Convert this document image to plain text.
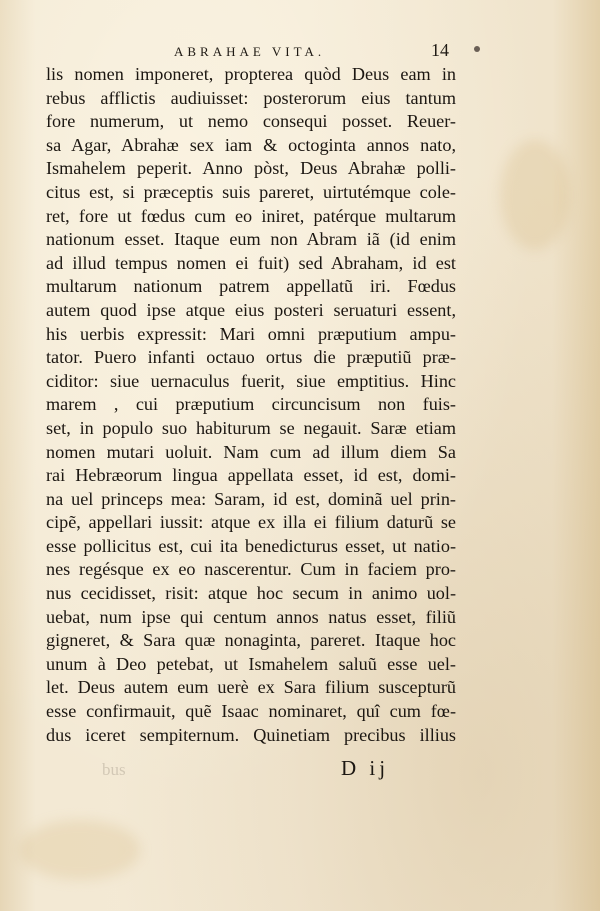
ABRAHAE VITA.	14
lis nomen imponeret, propterea quòd Deus eam in
rebus afflictis audiuisset: posterorum eius tantum
fore numerum, ut nemo consequi posset. Reuer-
sa Agar, Abrahæ sex iam & octoginta annos nato,
Ismahelem peperit. Anno pòst, Deus Abrahæ polli-
citus est, si præceptis suis pareret, uirtutémque cole-
ret, fore ut fœdus cum eo iniret, patérque multarum
nationum esset. Itaque eum non Abram iã (id enim
ad illud tempus nomen ei fuit) sed Abraham, id est
multarum nationum patrem appellatũ iri. Fœdus
autem quod ipse atque eius posteri seruaturi essent,
his uerbis expressit: Mari omni præputium ampu-
tator. Puero infanti octauo ortus die præputiũ præ-
ciditor: siue uernaculus fuerit, siue emptitius. Hinc
marem , cui præputium circuncisum non fuis-
set, in populo suo habiturum se negauit. Saræ etiam
nomen mutari uoluit. Nam cum ad illum diem Sa
rai Hebræorum lingua appellata esset, id est, domi-
na uel princeps mea: Saram, id est, dominã uel prin-
cipẽ, appellari iussit: atque ex illa ei filium daturũ se
esse pollicitus est, cui ita benedicturus esset, ut natio-
nes regésque ex eo nascerentur. Cum in faciem pro-
nus cecidisset, risit: atque hoc secum in animo uol-
uebat, num ipse qui centum annos natus esset, filiũ
gigneret, & Sara quæ nonaginta, pareret. Itaque hoc
unum à Deo petebat, ut Ismahelem saluũ esse uel-
let. Deus autem eum uerè ex Sara filium suscepturũ
esse confirmauit, quẽ Isaac nominaret, quî cum fœ-
dus iceret sempiternum. Quinetiam precibus illius
bus	D ij
